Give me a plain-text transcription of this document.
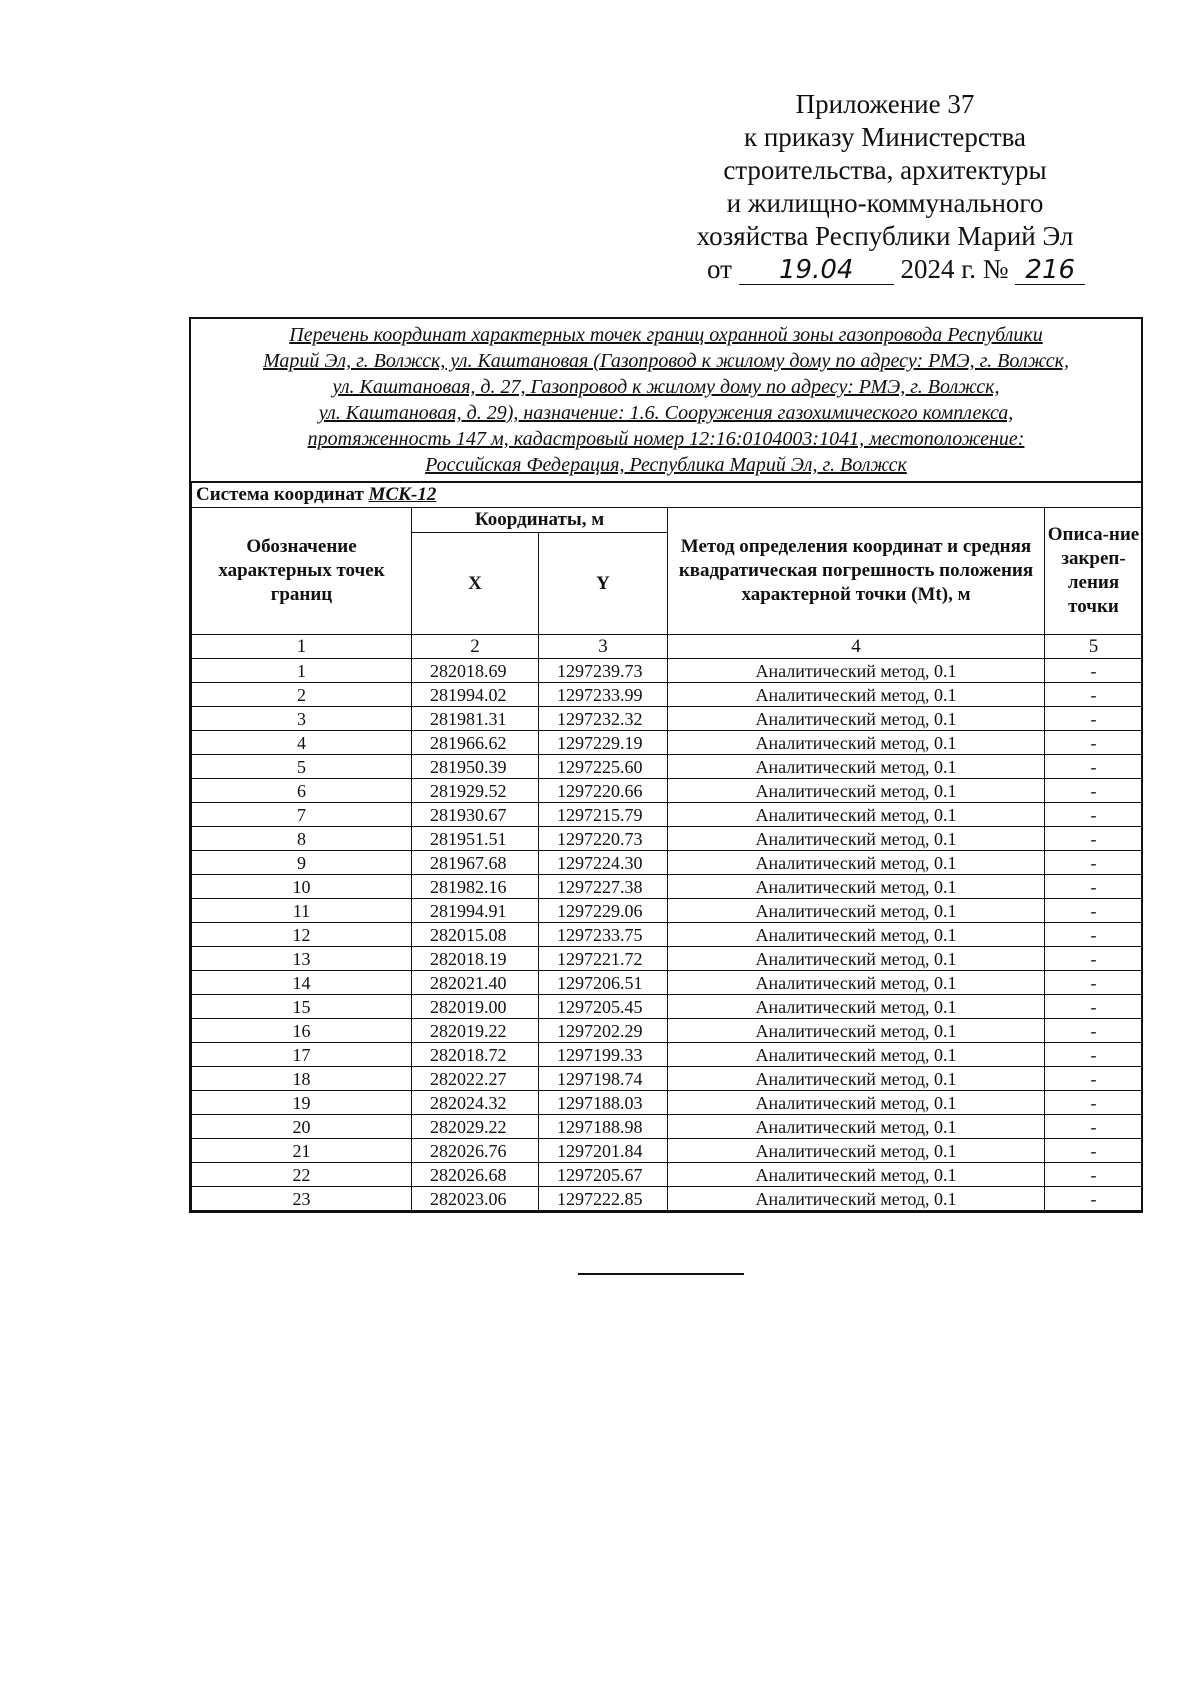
Приложение 37
к приказу Министерства
строительства, архитектуры
и жилищно-коммунального
хозяйства Республики Марий Эл
от 19.04 2024 г. № 216
Перечень координат характерных точек границ охранной зоны газопровода Республики
Марий Эл, г. Волжск, ул. Каштановая (Газопровод к жилому дому по адресу: РМЭ, г. Волжск,
ул. Каштановая, д. 27, Газопровод к жилому дому по адресу: РМЭ, г. Волжск,
ул. Каштановая, д. 29), назначение: 1.6. Сооружения газохимического комплекса,
протяженность 147 м, кадастровый номер 12:16:0104003:1041, местоположение:
Российская Федерация, Республика Марий Эл, г. Волжск
Система координат МСК-12				
Обозначение характерных точек границ	Координаты, м		Метод определения координат и средняя квадратическая погрешность положения характерной точки (Mt), м	Описа-ние закреп-ления точки
	X	Y		
1	2	3	4	5
1	282018.69	1297239.73	Аналитический метод, 0.1	-
2	281994.02	1297233.99	Аналитический метод, 0.1	-
3	281981.31	1297232.32	Аналитический метод, 0.1	-
4	281966.62	1297229.19	Аналитический метод, 0.1	-
5	281950.39	1297225.60	Аналитический метод, 0.1	-
6	281929.52	1297220.66	Аналитический метод, 0.1	-
7	281930.67	1297215.79	Аналитический метод, 0.1	-
8	281951.51	1297220.73	Аналитический метод, 0.1	-
9	281967.68	1297224.30	Аналитический метод, 0.1	-
10	281982.16	1297227.38	Аналитический метод, 0.1	-
11	281994.91	1297229.06	Аналитический метод, 0.1	-
12	282015.08	1297233.75	Аналитический метод, 0.1	-
13	282018.19	1297221.72	Аналитический метод, 0.1	-
14	282021.40	1297206.51	Аналитический метод, 0.1	-
15	282019.00	1297205.45	Аналитический метод, 0.1	-
16	282019.22	1297202.29	Аналитический метод, 0.1	-
17	282018.72	1297199.33	Аналитический метод, 0.1	-
18	282022.27	1297198.74	Аналитический метод, 0.1	-
19	282024.32	1297188.03	Аналитический метод, 0.1	-
20	282029.22	1297188.98	Аналитический метод, 0.1	-
21	282026.76	1297201.84	Аналитический метод, 0.1	-
22	282026.68	1297205.67	Аналитический метод, 0.1	-
23	282023.06	1297222.85	Аналитический метод, 0.1	-
